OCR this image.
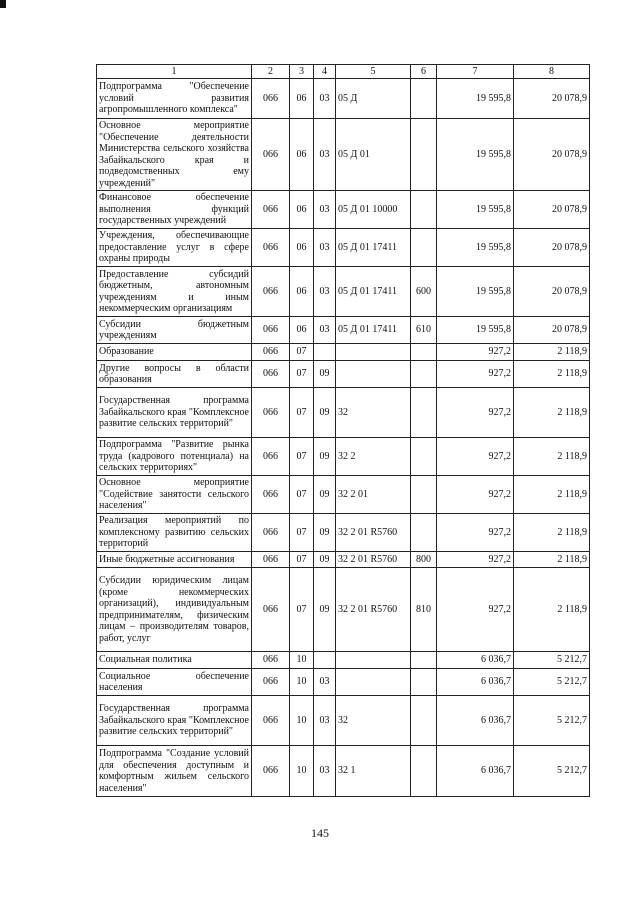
1	2	3	4	5	6	7	8
Подпрограмма "Обеспечение условий развития агропромышленного комплекса"	066	06	03	05 Д		19 595,8	20 078,9
Основное мероприятие "Обеспечение деятельности Министерства сельского хозяйства Забайкальского края и подведомственных ему учреждений"	066	06	03	05 Д 01		19 595,8	20 078,9
Финансовое обеспечение выполнения функций государственных учреждений	066	06	03	05 Д 01 10000		19 595,8	20 078,9
Учреждения, обеспечивающие предоставление услуг в сфере охраны природы	066	06	03	05 Д 01 17411		19 595,8	20 078,9
Предоставление субсидий бюджетным, автономным учреждениям и иным некоммерческим организациям	066	06	03	05 Д 01 17411	600	19 595,8	20 078,9
Субсидии бюджетным учреждениям	066	06	03	05 Д 01 17411	610	19 595,8	20 078,9
Образование	066	07				927,2	2 118,9
Другие вопросы в области образования	066	07	09			927,2	2 118,9
Государственная программа Забайкальского края "Комплексное развитие сельских территорий"	066	07	09	32		927,2	2 118,9
Подпрограмма "Развитие рынка труда (кадрового потенциала) на сельских территориях"	066	07	09	32 2		927,2	2 118,9
Основное мероприятие "Содействие занятости сельского населения"	066	07	09	32 2 01		927,2	2 118,9
Реализация мероприятий по комплексному развитию сельских территорий	066	07	09	32 2 01 R5760		927,2	2 118,9
Иные бюджетные ассигнования	066	07	09	32 2 01 R5760	800	927,2	2 118,9
Субсидии юридическим лицам (кроме некоммерческих организаций), индивидуальным предпринимателям, физическим лицам – производителям товаров, работ, услуг	066	07	09	32 2 01 R5760	810	927,2	2 118,9
Социальная политика	066	10				6 036,7	5 212,7
Социальное обеспечение населения	066	10	03			6 036,7	5 212,7
Государственная программа Забайкальского края "Комплексное развитие сельских территорий"	066	10	03	32		6 036,7	5 212,7
Подпрограмма "Создание условий для обеспечения доступным и комфортным жильем сельского населения"	066	10	03	32 1		6 036,7	5 212,7
145
